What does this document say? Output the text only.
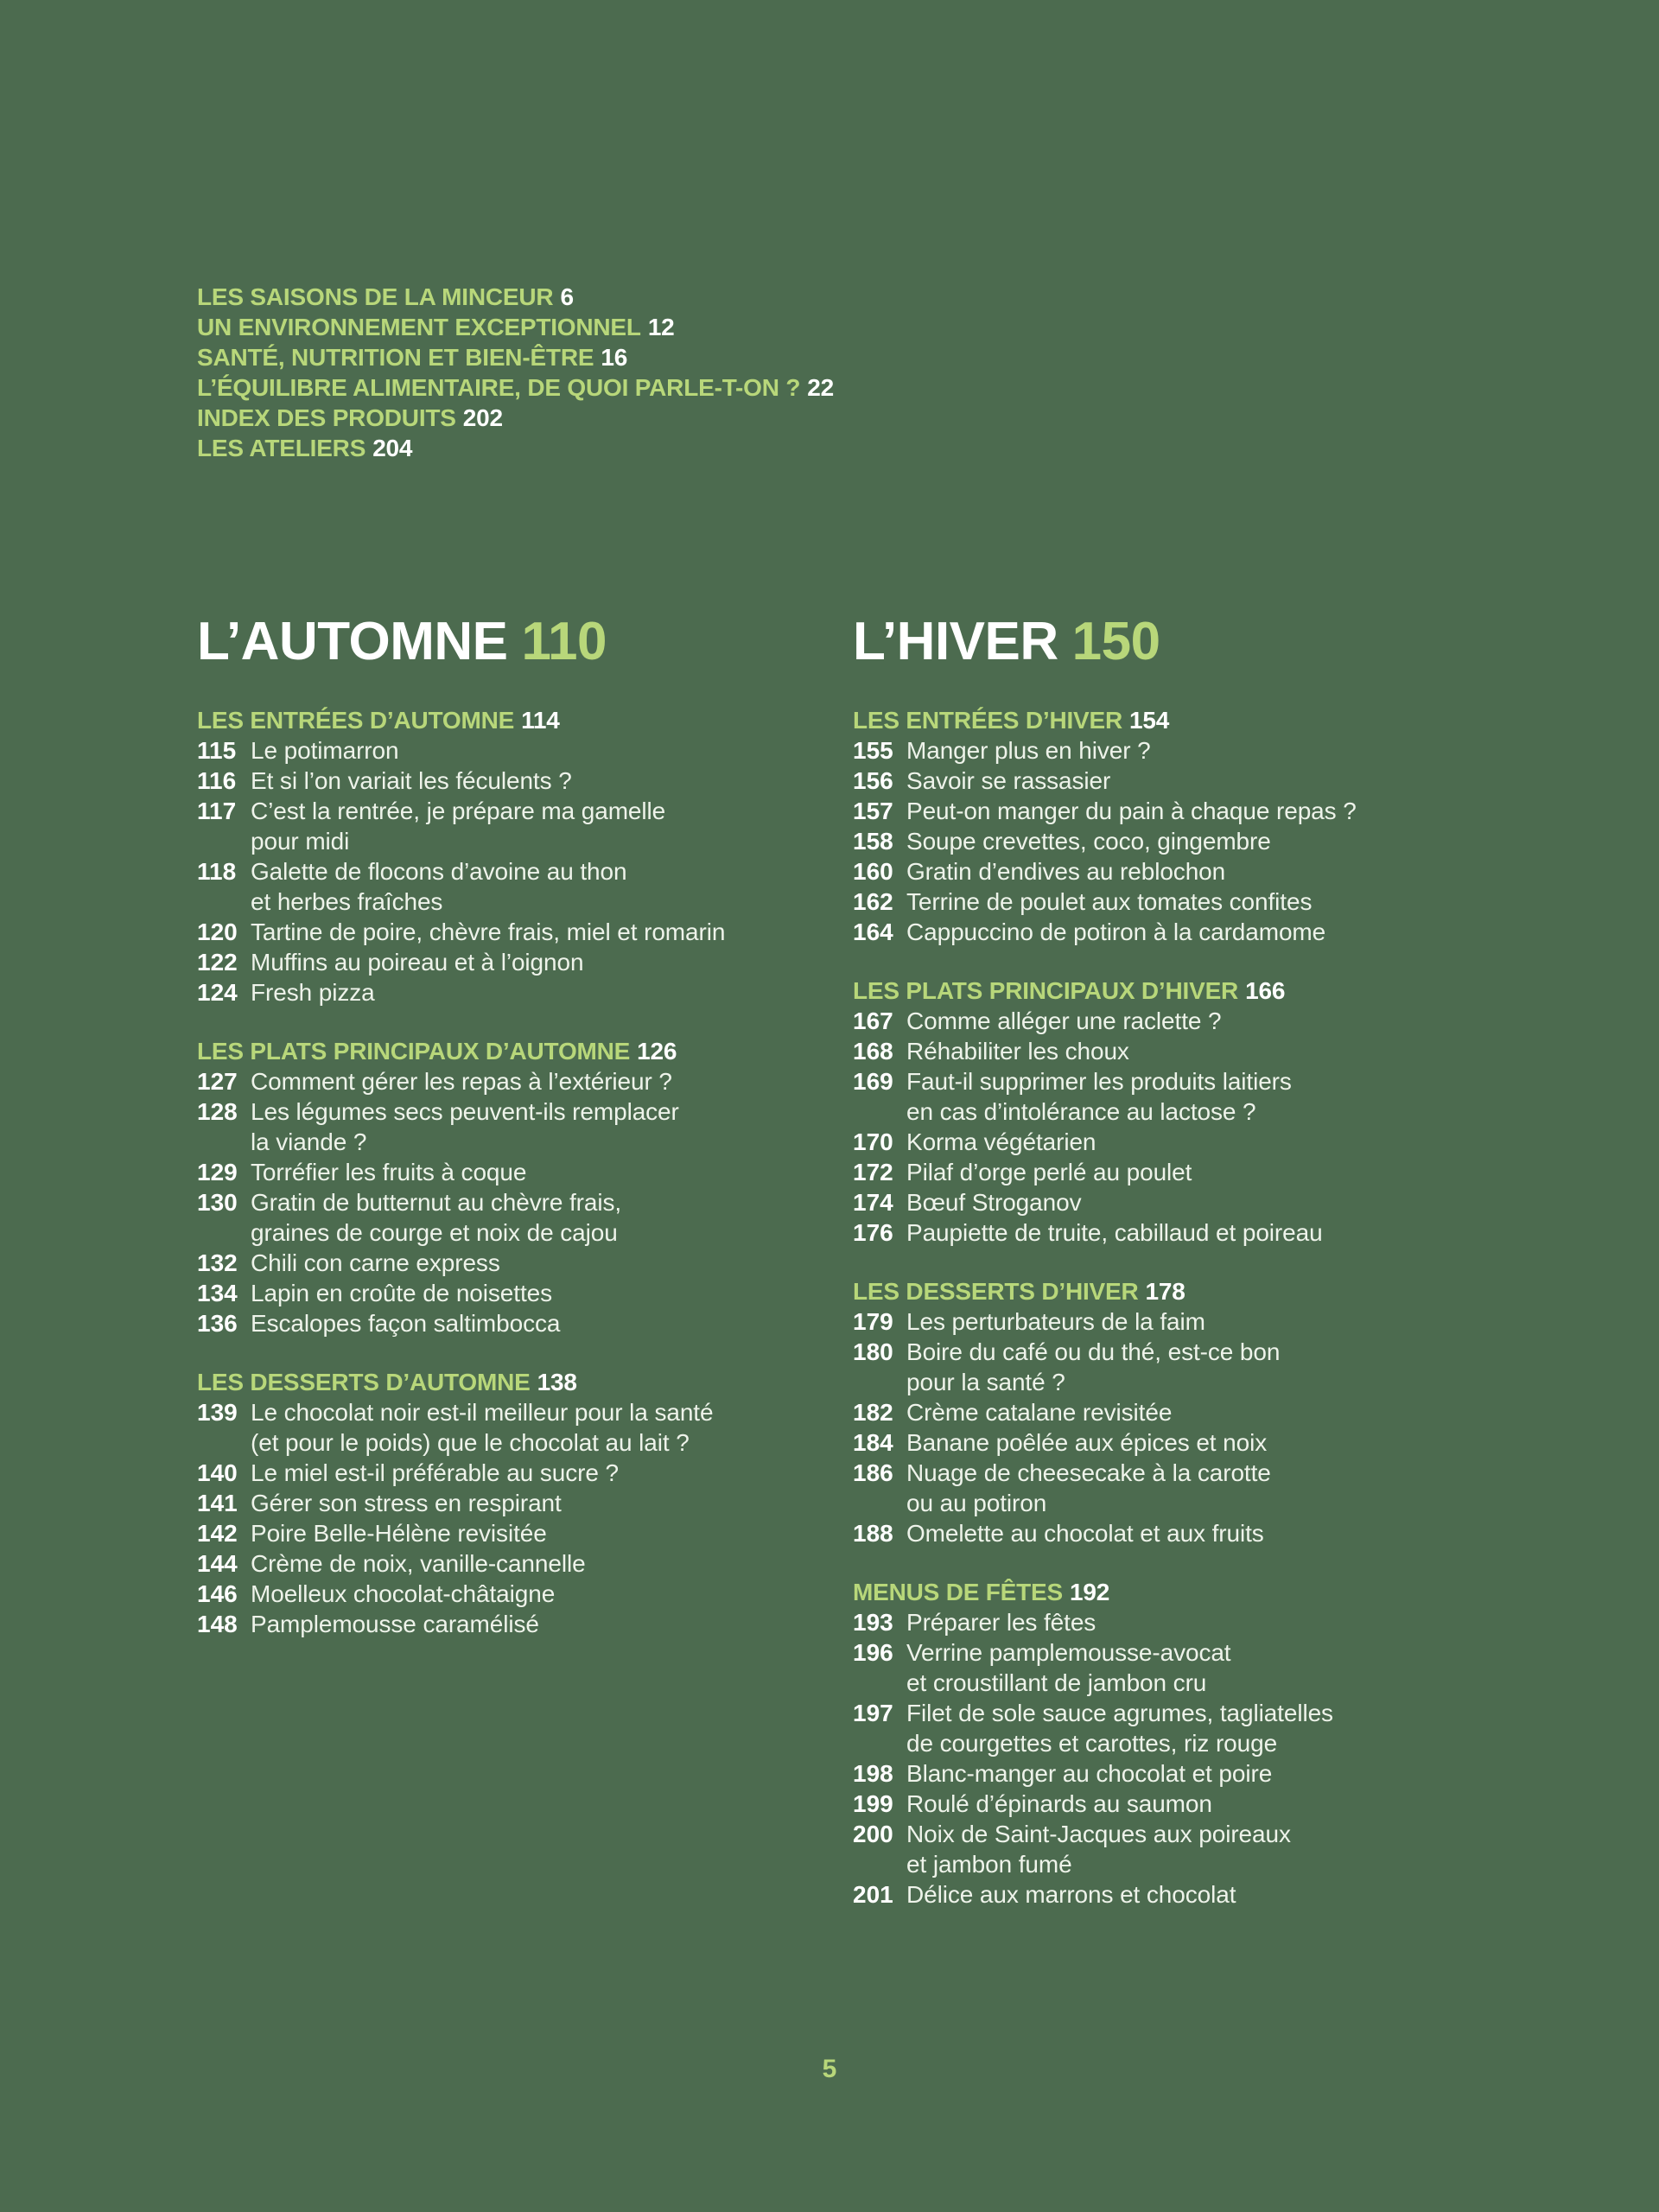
LES SAISONS DE LA MINCEUR 6
UN ENVIRONNEMENT EXCEPTIONNEL 12
SANTÉ, NUTRITION ET BIEN-ÊTRE 16
L’ÉQUILIBRE ALIMENTAIRE, DE QUOI PARLE-T-ON ? 22
INDEX DES PRODUITS 202
LES ATELIERS 204
L’AUTOMNE 110
LES ENTRÉES D’AUTOMNE 114
115 Le potimarron
116 Et si l’on variait les féculents ?
117 C’est la rentrée, je prépare ma gamelle
pour midi
118 Galette de flocons d’avoine au thon
et herbes fraîches
120 Tartine de poire, chèvre frais, miel et romarin
122 Muffins au poireau et à l’oignon
124 Fresh pizza
LES PLATS PRINCIPAUX D’AUTOMNE 126
127 Comment gérer les repas à l’extérieur ?
128 Les légumes secs peuvent-ils remplacer
la viande ?
129 Torréfier les fruits à coque
130 Gratin de butternut au chèvre frais,
graines de courge et noix de cajou
132 Chili con carne express
134 Lapin en croûte de noisettes
136 Escalopes façon saltimbocca
LES DESSERTS D’AUTOMNE 138
139 Le chocolat noir est-il meilleur pour la santé
(et pour le poids) que le chocolat au lait ?
140 Le miel est-il préférable au sucre ?
141 Gérer son stress en respirant
142 Poire Belle-Hélène revisitée
144 Crème de noix, vanille-cannelle
146 Moelleux chocolat-châtaigne
148 Pamplemousse caramélisé
L’HIVER 150
LES ENTRÉES D’HIVER 154
155 Manger plus en hiver ?
156 Savoir se rassasier
157 Peut-on manger du pain à chaque repas ?
158 Soupe crevettes, coco, gingembre
160 Gratin d’endives au reblochon
162 Terrine de poulet aux tomates confites
164 Cappuccino de potiron à la cardamome
LES PLATS PRINCIPAUX D’HIVER 166
167 Comme alléger une raclette ?
168 Réhabiliter les choux
169 Faut-il supprimer les produits laitiers
en cas d’intolérance au lactose ?
170 Korma végétarien
172 Pilaf d’orge perlé au poulet
174 Bœuf Stroganov
176 Paupiette de truite, cabillaud et poireau
LES DESSERTS D’HIVER 178
179 Les perturbateurs de la faim
180 Boire du café ou du thé, est-ce bon
pour la santé ?
182 Crème catalane revisitée
184 Banane poêlée aux épices et noix
186 Nuage de cheesecake à la carotte
ou au potiron
188 Omelette au chocolat et aux fruits
MENUS DE FÊTES 192
193 Préparer les fêtes
196 Verrine pamplemousse-avocat
et croustillant de jambon cru
197 Filet de sole sauce agrumes, tagliatelles
de courgettes et carottes, riz rouge
198 Blanc-manger au chocolat et poire
199 Roulé d’épinards au saumon
200 Noix de Saint-Jacques aux poireaux
et jambon fumé
201 Délice aux marrons et chocolat
5
